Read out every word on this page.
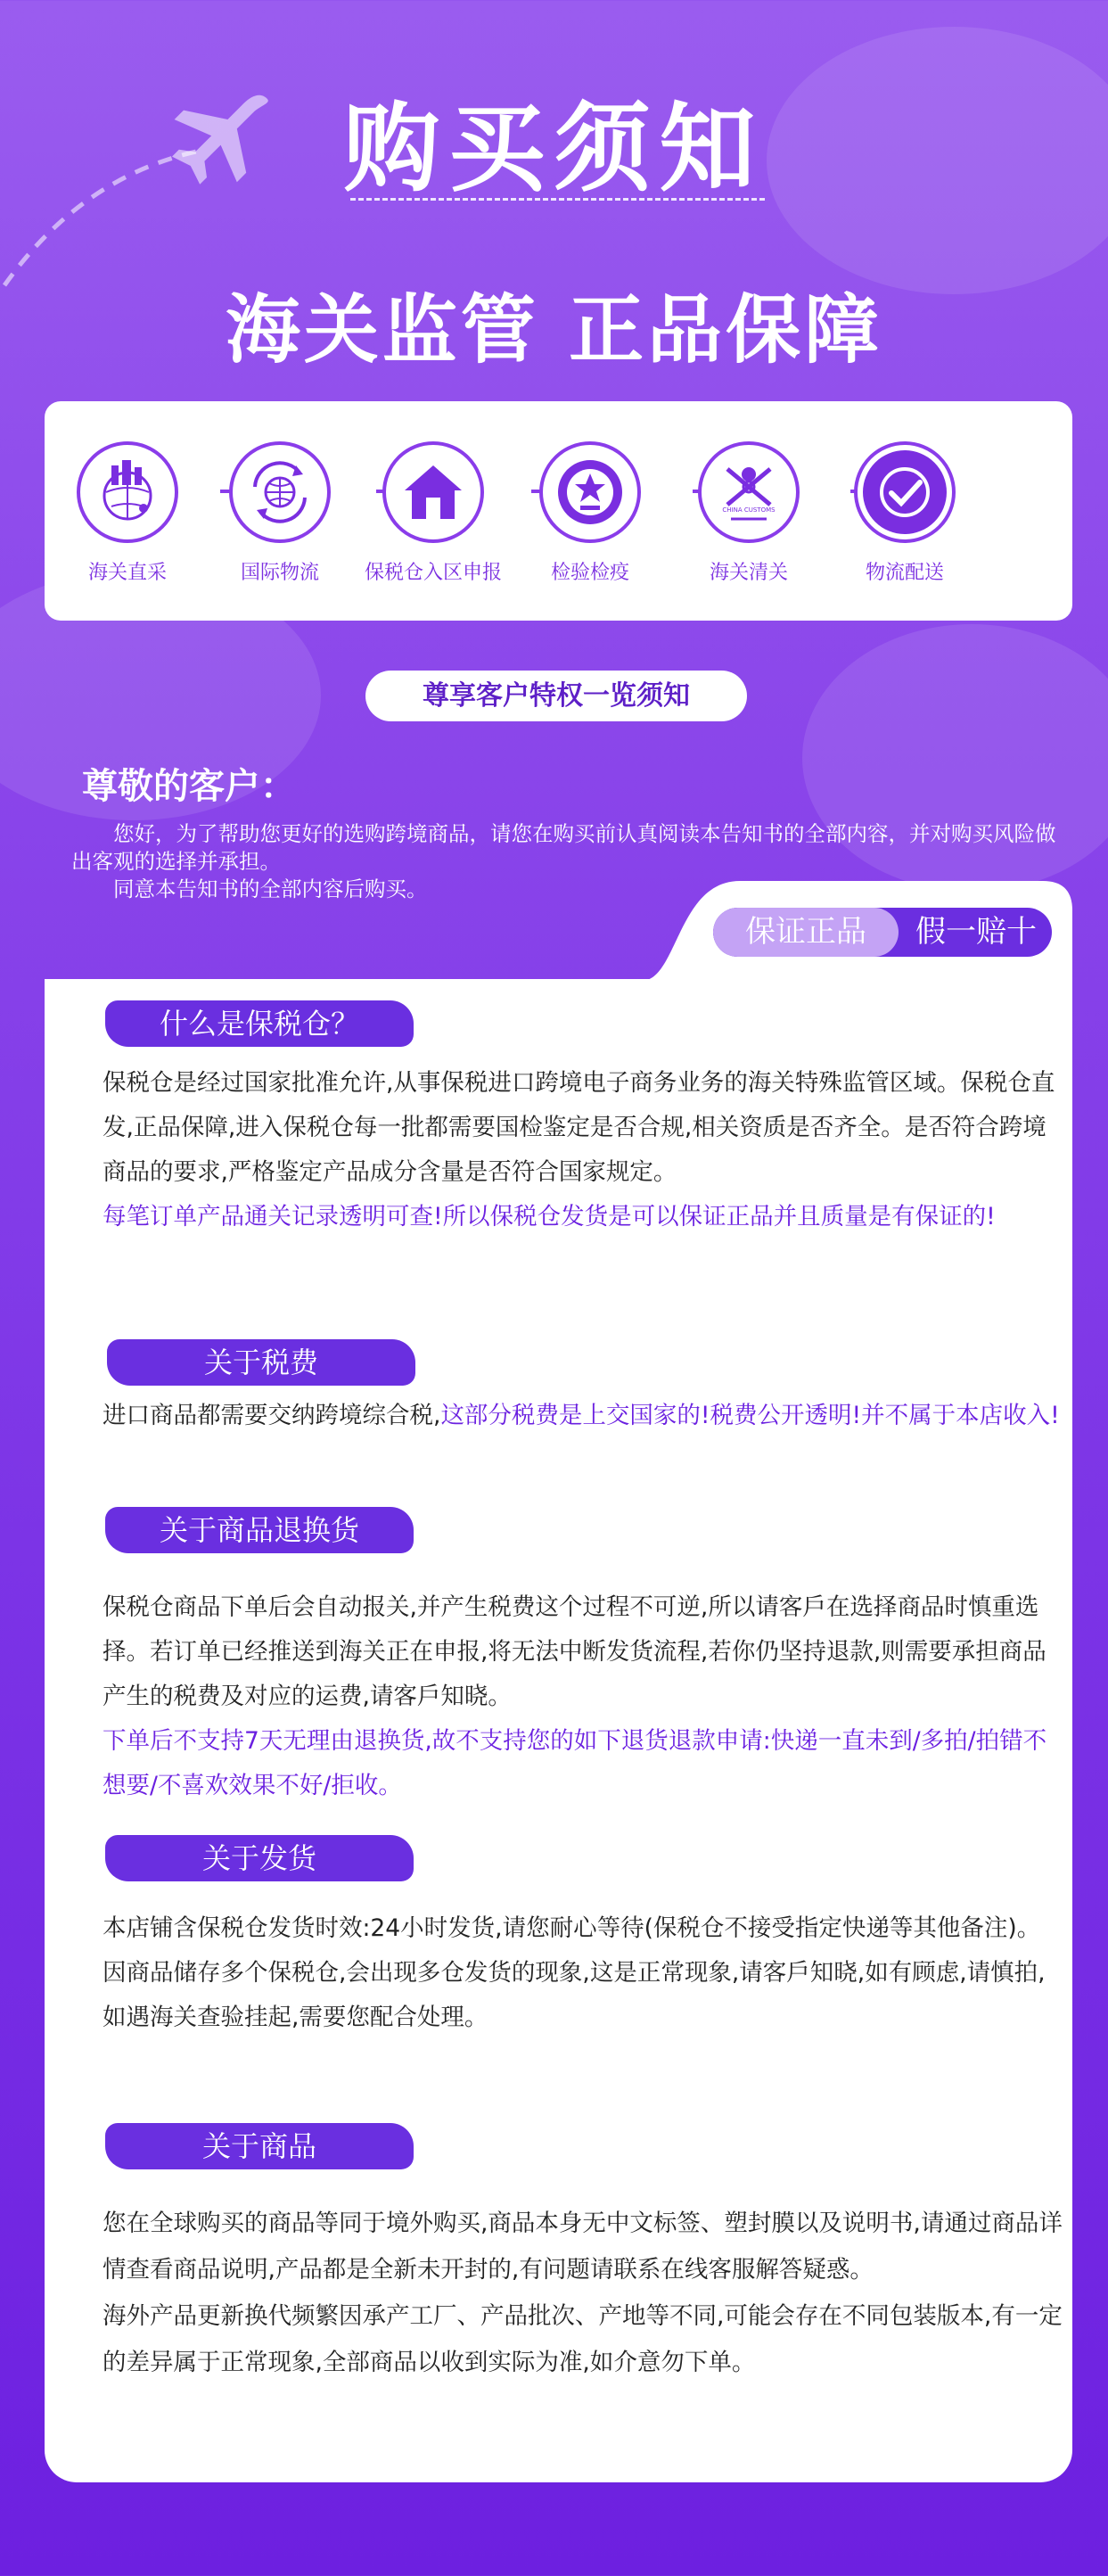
购买须知
海关监管 正品保障
海关直采	国际物流	保税仓入区申报	检验检疫
CHINA CUSTOMS
海关清关	物流配送
尊享客户特权一览须知
尊敬的客户：

您好，为了帮助您更好的选购跨境商品，请您在购买前认真阅读本告知书的全部内容，并对购买风险做出客观的选择并承担。

同意本告知书的全部内容后购买。

保证正品	假一赔十
什么是保税仓？

保税仓是经过国家批准允许,从事保税进口跨境电子商务业务的海关特殊监管区域。保税仓直发,正品保障,进入保税仓每一批都需要国检鉴定是否合规,相关资质是否齐全。是否符合跨境商品的要求,严格鉴定产品成分含量是否符合国家规定。

每笔订单产品通关记录透明可查!所以保税仓发货是可以保证正品并且质量是有保证的!

关于税费

进口商品都需要交纳跨境综合税,这部分税费是上交国家的!税费公开透明!并不属于本店收入!

关于商品退换货

保税仓商品下单后会自动报关,并产生税费这个过程不可逆,所以请客戶在选择商品时慎重选择。若订单已经推送到海关正在申报,将无法中断发货流程,若你仍坚持退款,则需要承担商品产生的税费及对应的运费,请客戶知晓。

下单后不支持7天无理由退换货,故不支持您的如下退货退款申请:快递一直未到/多拍/拍错不想要/不喜欢效果不好/拒收。

关于发货

本店铺含保税仓发货时效:24小时发货,请您耐心等待(保税仓不接受指定快递等其他备注)。

因商品储存多个保税仓,会出现多仓发货的现象,这是正常现象,请客戶知晓,如有顾虑,请慎拍,如遇海关查验挂起,需要您配合处理。

关于商品

您在全球购买的商品等同于境外购买,商品本身无中文标签、塑封膜以及说明书,请通过商品详情查看商品说明,产品都是全新未开封的,有问题请联系在线客服解答疑惑。

海外产品更新换代频繁因承产工厂、产品批次、产地等不同,可能会存在不同包装版本,有一定的差异属于正常现象,全部商品以收到实际为准,如介意勿下单。
